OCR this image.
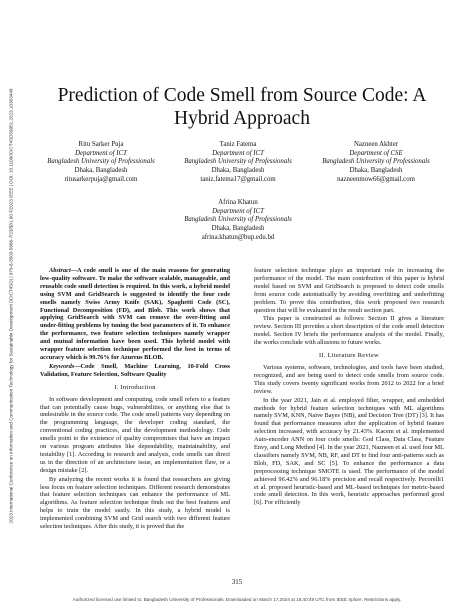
2023 International Conference on Information and Communication Technology for Sustainable Development (ICICT4SD) | 979-8-3503-5866-7/23/$31.00 ©2023 IEEE | DOI: 10.1109/ICICT4SD59951.2023.10303449	Prediction of Code Smell from Source Code: A
Hybrid Approach
Ritu Sarker Puja
Department of ICT
Bangladesh University of Professionals
Dhaka, Bangladesh
ritusarkerpuja@gmail.com
Taniz Fatema
Department of ICT
Bangladesh University of Professionals
Dhaka, Bangladesh
taniz.fatema17@gmail.com
Nazneen Akhter
Department of CSE
Bangladesh University of Professionals
Dhaka, Bangladesh
nazneenmow66@gmail.com
Afrina Khatun
Department of ICT
Bangladesh University of Professionals
Dhaka, Bangladesh
afrina.khatun@bup.edu.bd

Abstract—A code smell is one of the main reasons for generating low-quality software. To make the software scalable, manageable, and reusable code smell detection is required. In this work, a hybrid model using SVM and GridSearch is suggested to identify the four code smells namely Swiss Army Knife (SAK), Spaghetti Code (SC), Functional Decomposition (FD), and Blob. This work shows that applying GridSearch with SVM can remove the over-fitting and under-fitting problems by tuning the best parameters of it. To enhance the performance, two feature selection techniques namely wrapper and mutual information have been used. This hybrid model with wrapper feature selection technique performed the best in terms of accuracy which is 99.76% for Azureus BLOB.

Keywords—Code Smell, Machine Learning, 10-Fold Cross Validation, Feature Selection, Software Quality

I. Introduction

In software development and computing, code smell refers to a feature that can potentially cause bugs, vulnerabilities, or anything else that is undesirable in the source code. The code smell patterns vary depending on the programming language, the developer coding standard, the conventional coding practices, and the development methodology. Code smells point to the existence of quality compromises that have an impact on various program attributes like dependability, maintainability, and testability [1]. According to research and analysis, code smells can direct us in the direction of an architecture issue, an implementation flaw, or a design mistake [2].

By analyzing the recent works it is found that researchers are giving less focus on feature selection techniques. Different research demonstrates that feature selection techniques can enhance the performance of ML algorithms. As feature selection technique finds out the best features and helps to train the model easily. In this study, a hybrid model is implemented combining SVM and Grid search with two different feature selection techniques. After this study, it is proved that the

feature selection technique plays an important role in increasing the performance of the model. The main contribution of this paper is hybrid model based on SVM and GridSearch is proposed to detect code smells from source code automatically by avoiding overfitting and underfitting problem. To prove this contribution, this work proposed two research question that will be evaluated in the result section part.

This paper is constructed as follows: Section II gives a literature review. Section III provides a short description of the code smell detection model. Section IV briefs the performance analysis of the model. Finally, the works conclude with allusions to future works.

II. Literature Review

Various systems, software, technologies, and tools have been studied, recognized, and are being used to detect code smells from source code. This study covers twenty significant works from 2012 to 2022 for a brief review.

In the year 2021, Jain et al. employed filter, wrapper, and embedded methods for hybrid feature selection techniques with ML algorithms namely SVM, KNN, Naive Bayes (NB), and Decision Tree (DT) [3]. It has found that performance measures after the application of hybrid feature selection increased, with accuracy by 21.43%. Kacem et al. implemented Auto-encoder ANN on four code smells: God Class, Data Class, Feature Envy, and Long Method [4]. In the year 2021, Nazneen et al. used four ML classifiers namely SVM, NB, RF, and DT to find four anti-patterns such as Blob, FD, SAK, and SC [5]. To enhance the performance a data preprocessing technique SMOTE is used. The performance of the model achieved 96.42% and 96.18% precision and recall respectively. Pecorelli1 et al. proposed heuristic-based and ML-based techniques for metric-based code smell detection. In this work, heuristic approaches performed good [6]. For efficiently

315
Authorized licensed use limited to: Bangladesh University of Professionals. Downloaded on March 17,2024 at 16:40:49 UTC from IEEE Xplore. Restrictions apply.
